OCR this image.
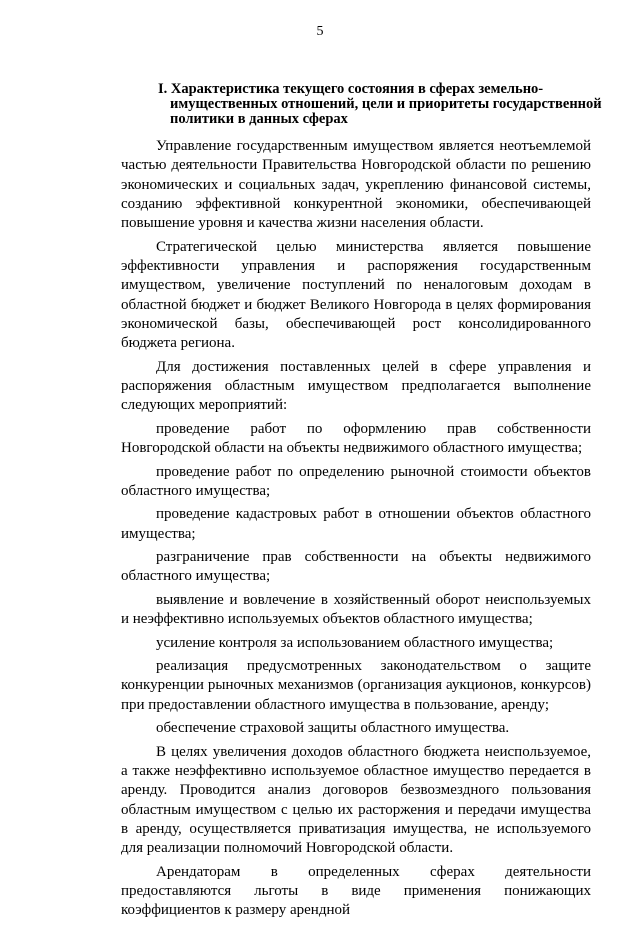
5
I. Характеристика текущего состояния в сферах земельно-
имущественных отношений, цели и приоритеты государственной
политики в данных сферах

Управление государственным имуществом является неотъемлемой частью деятельности Правительства Новгородской области по решению экономических и социальных задач, укреплению финансовой системы, созданию эффективной конкурентной экономики, обеспечивающей повышение уровня и качества жизни населения области.

Стратегической целью министерства является повышение эффективности управления и распоряжения государственным имуществом, увеличение поступлений по неналоговым доходам в областной бюджет и бюджет Великого Новгорода в целях формирования экономической базы, обеспечивающей рост консолидированного бюджета региона.

Для достижения поставленных целей в сфере управления и распоряжения областным имуществом предполагается выполнение следующих мероприятий:

проведение работ по оформлению прав собственности Новгородской области на объекты недвижимого областного имущества;

проведение работ по определению рыночной стоимости объектов областного имущества;

проведение кадастровых работ в отношении объектов областного имущества;

разграничение прав собственности на объекты недвижимого областного имущества;

выявление и вовлечение в хозяйственный оборот неиспользуемых и неэффективно используемых объектов областного имущества;

усиление контроля за использованием областного имущества;

реализация предусмотренных законодательством о защите конкуренции рыночных механизмов (организация аукционов, конкурсов) при предоставлении областного имущества в пользование, аренду;

обеспечение страховой защиты областного имущества.

В целях увеличения доходов областного бюджета неиспользуемое, а также неэффективно используемое областное имущество передается в аренду. Проводится анализ договоров безвозмездного пользования областным имуществом с целью их расторжения и передачи имущества в аренду, осуществляется приватизация имущества, не используемого для реализации полномочий Новгородской области.

Арендаторам в определенных сферах деятельности предоставляются льготы в виде применения понижающих коэффициентов к размеру арендной
